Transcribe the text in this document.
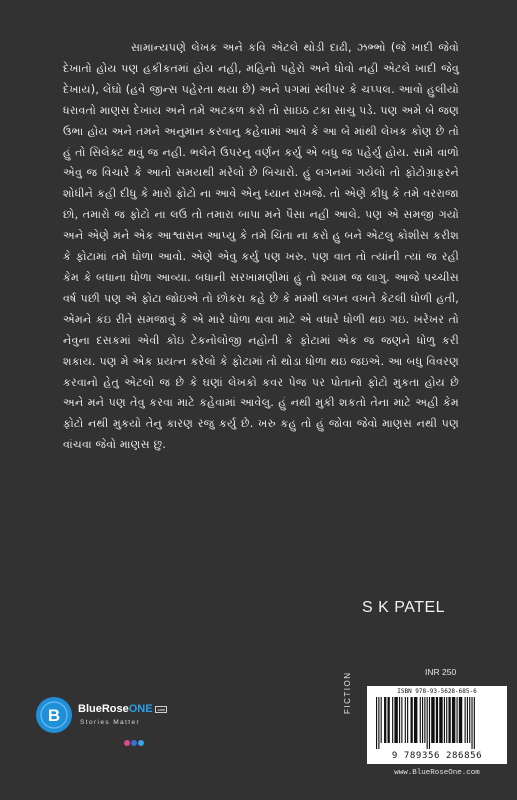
સામાન્યપણે લેખક અને કવિ એટલે થોડી દાઢી, ઝભ્ભો (જે ખાદી જેવો દેખાતો હોય પણ હકીકતમાં હોય નહી, મહિનો પહેરો અને ધોવો નહી એટલે ખાદી જેવુ દેખાય), લેંઘો (હવે જીન્સ પહેરતા થયા છે) અને પગમાં સ્લીપર કે ચપ્પલ. આવો હુલીયો ધરાવતો માણસ દેખાય અને તમે અટકળ કરો તો સાઇઠ ટકા સાચુ પડે. પણ અમે બે જણ ઉભા હોય અને તમને અનુમાન કરવાનુ કહેવામાં આવે કે આ બે માંથી લેખક કોણ છે તો હું તો સિલેક્ટ થવું જ નહી. ભલેને ઉપરનુ વર્ણન કર્યુ એ બધુ જ પહેર્યુ હોય. સામે વાળો એવુ જ વિચારે કે આતો સમયથી મરેલો છે બિચારો. હું લગનમાં ગયેલો તો ફોટોગ્રાફરને શોધીને કહી દીધુ કે મારો ફોટો ના આવે એનુ ધ્યાન રાખજે. તો એણે કીધુ કે તમે વરરાજા છો, તમારો જ ફોટો ના લઉ તો તમારા બાપા મને પૈસા નહી આલે. પણ એ સમજી ગયો અને એણે મને એક આશ્વાસન આપ્યુ કે તમે ચિંતા ના કરો હુ બને એટલુ કોશીસ કરીશ કે ફોટામાં તમે ધોળા આવો. એણે એવુ કર્યુ પણ ખરુ. પણ વાત તો ત્યાંની ત્યાં જ રહી કેમ કે બધાના ધોળા આવ્યા. બધાની સરખામણીમાં હું તો શ્યામ જ લાગુ. આજે પચ્ચીસ વર્ષ પછી પણ એ ફોટા જોઇએ તો છોકરા કહે છે કે મમ્મી લગન વખતે કેટલી ધોળી હતી, એમને કંઇ રીતે સમજાવું કે એ મારે ધોળા થવા માટે એ વધારે ધોળી થઇ ગઇ. ખરેખર તો નેવુના દસકમાં એવી કોઇ ટેકનોલોજી નહોતી કે ફોટામાં એક જ જણને ધોળુ કરી શકાય. પણ મે એક પ્રયત્ન કરેલો કે ફોટામાં તો થોડા ધોળા થઇ જઇએ. આ બધુ વિવરણ કરવાનો હેતુ એટલો જ છે કે ઘણાં લેખકો કવર પેજ પર પોતાનો ફોટો મુકતા હોય છે અને મને પણ તેવુ કરવા માટે કહેવામાં આવેલુ. હું નથી મુકી શકતો તેના માટે અહી કેમ ફોટો નથી મુકયો તેનુ કારણ રજુ કર્યુ છે. ખરુ કહુ તો હું જોવા જેવો માણસ નથી પણ વાંચવા જેવો માણસ છુ.

S K PATEL
INR 250
FICTION
B BlueRoseONE .com
Stories Matter
ISBN 978-93-5628-685-6
9 789356 286856
www.BlueRoseOne.com
